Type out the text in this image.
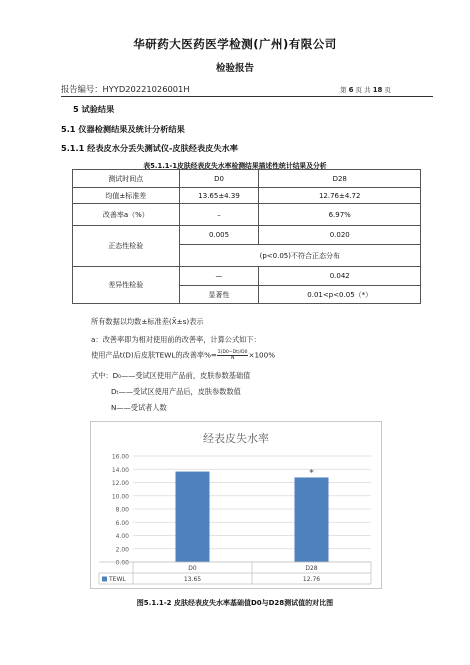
华研药大医药医学检测(广州)有限公司
检验报告
报告编号：HYYD20221026001H	第 6 页 共 18 页
5 试验结果
5.1 仪器检测结果及统计分析结果
5.1.1 经表皮水分丢失测试仪-皮肤经表皮失水率
表5.1.1-1皮肤经表皮失水率检测结果描述性统计结果及分析
测试时间点	D0	D28
均值±标准差	13.65±4.39	12.76±4.72
改善率a（%）	–	6.97%
正态性检验	0.005	0.020
	(p<0.05)不符合正态分布	
差异性检验	—	0.042
	显著性	0.01<p<0.05（*）
所有数据以均数±标准差(X̄±s)表示
a：改善率即为相对使用前的改善率，计算公式如下：
使用产品t(D)后皮肤TEWL的改善率%= $\frac{\Sigma(D0-Dt)/D0}{N} \times 100\%$
式中：D₀——受试区使用产品前，皮肤参数基础值
Dₜ——受试区使用产品后，皮肤参数数值
N——受试者人数
经表皮失水率
0.00
2.00
4.00
6.00
8.00
10.00
12.00
14.00
16.00
*
TEWL
D0
13.65
D28
12.76
图5.1.1-2 皮肤经表皮失水率基础值D0与D28测试值的对比图
